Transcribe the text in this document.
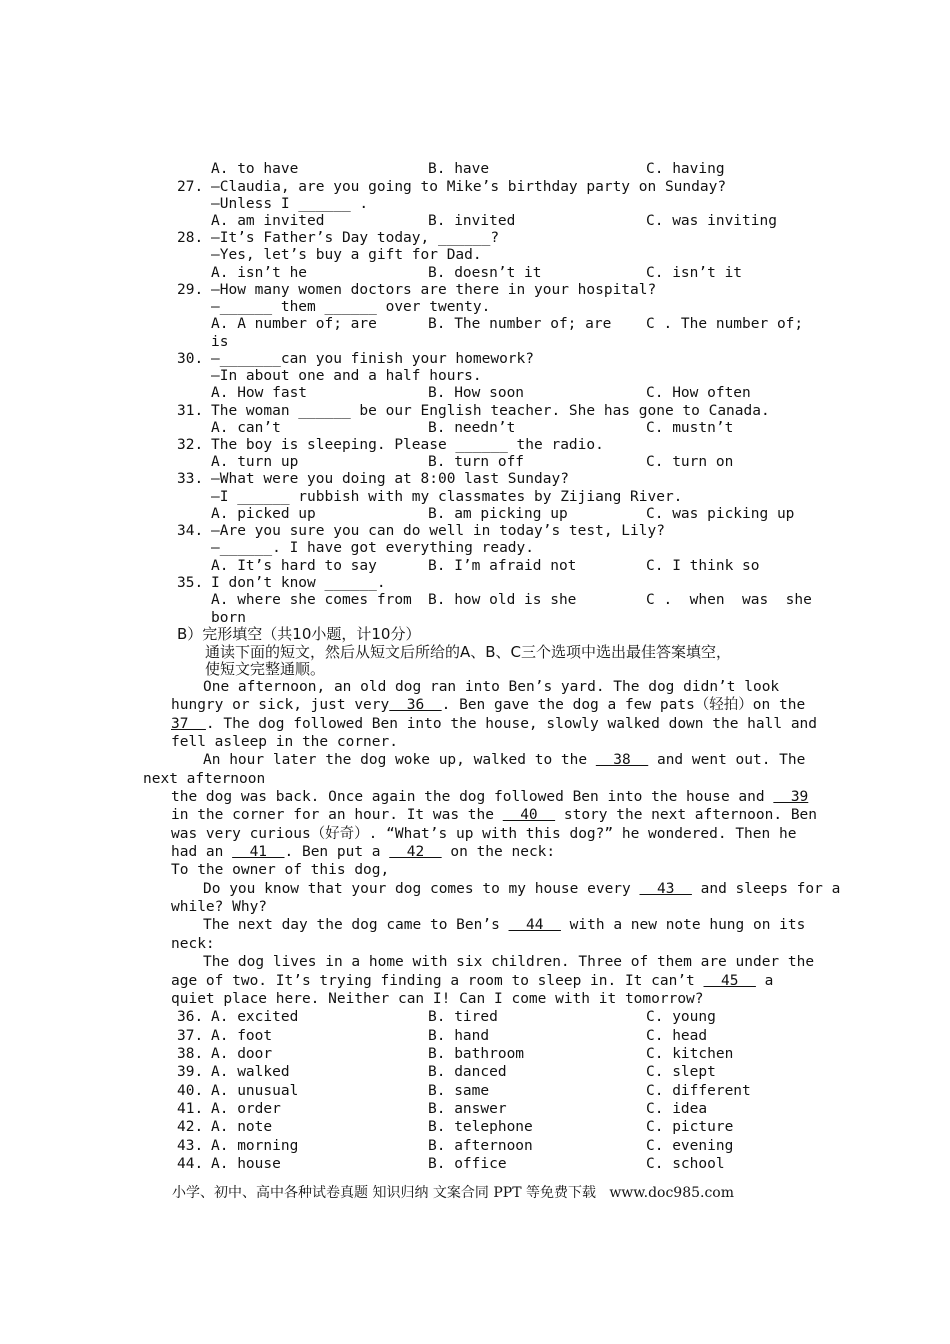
A. to have	B. have	C. having
27. —Claudia, are you going to Mike’s birthday party on Sunday?
—Unless I ______ .
A. am invited	B. invited	C. was inviting
28. —It’s Father’s Day today, ______?
—Yes, let’s buy a gift for Dad.
A. isn’t he	B. doesn’t it	C. isn’t it
29. —How many women doctors are there in your hospital?
—______ them ______ over twenty.
A. A number of; are	B. The number of; are C . The number of;
is
30. —_______can you finish your homework?
—In about one and a half hours.
A. How fast	B. How soon	C. How often
31. The woman ______ be our English teacher. She has gone to Canada.
A. can’t	B. needn’t	C. mustn’t
32. The boy is sleeping. Please ______ the radio.
A. turn up	B. turn off	C. turn on
33. —What were you doing at 8:00 last Sunday?
—I ______ rubbish with my classmates by Zijiang River.
A. picked up	B. am picking up	C. was picking up
34. —Are you sure you can do well in today’s test, Lily?
—______. I have got everything ready.
A. It’s hard to say	B. I’m afraid not	C. I think so
35. I don’t know ______.
A. where she comes from B. how old is she	C .  when  was  she
born
B）完形填空（共10小题，计10分）
通读下面的短文，然后从短文后所给的A、B、C三个选项中选出最佳答案填空，
使短文完整通顺。
One afternoon, an old dog ran into Ben’s yard. The dog didn’t look
hungry or sick, just very  36  . Ben gave the dog a few pats（轻拍）on the
37  . The dog followed Ben into the house, slowly walked down the hall and
fell asleep in the corner.
An hour later the dog woke up, walked to the   38   and went out. The
next afternoon
the dog was back. Once again the dog followed Ben into the house and   39
in the corner for an hour. It was the   40   story the next afternoon. Ben
was very curious（好奇）. “What’s up with this dog?” he wondered. Then he
had an   41  . Ben put a   42   on the neck:
To the owner of this dog,
Do you know that your dog comes to my house every   43   and sleeps for a
while? Why?
The next day the dog came to Ben’s   44   with a new note hung on its
neck:
The dog lives in a home with six children. Three of them are under the
age of two. It’s trying finding a room to sleep in. It can’t   45   a
quiet place here. Neither can I! Can I come with it tomorrow?
36. A. excited	B. tired	C. young
37. A. foot	B. hand	C. head
38. A. door	B. bathroom	C. kitchen
39. A. walked	B. danced	C. slept
40. A. unusual	B. same	C. different
41. A. order	B. answer	C. idea
42. A. note	B. telephone	C. picture
43. A. morning	B. afternoon	C. evening
44. A. house	B. office	C. school
小学、初中、高中各种试卷真题 知识归纳 文案合同 PPT 等免费下载   www.doc985.com
